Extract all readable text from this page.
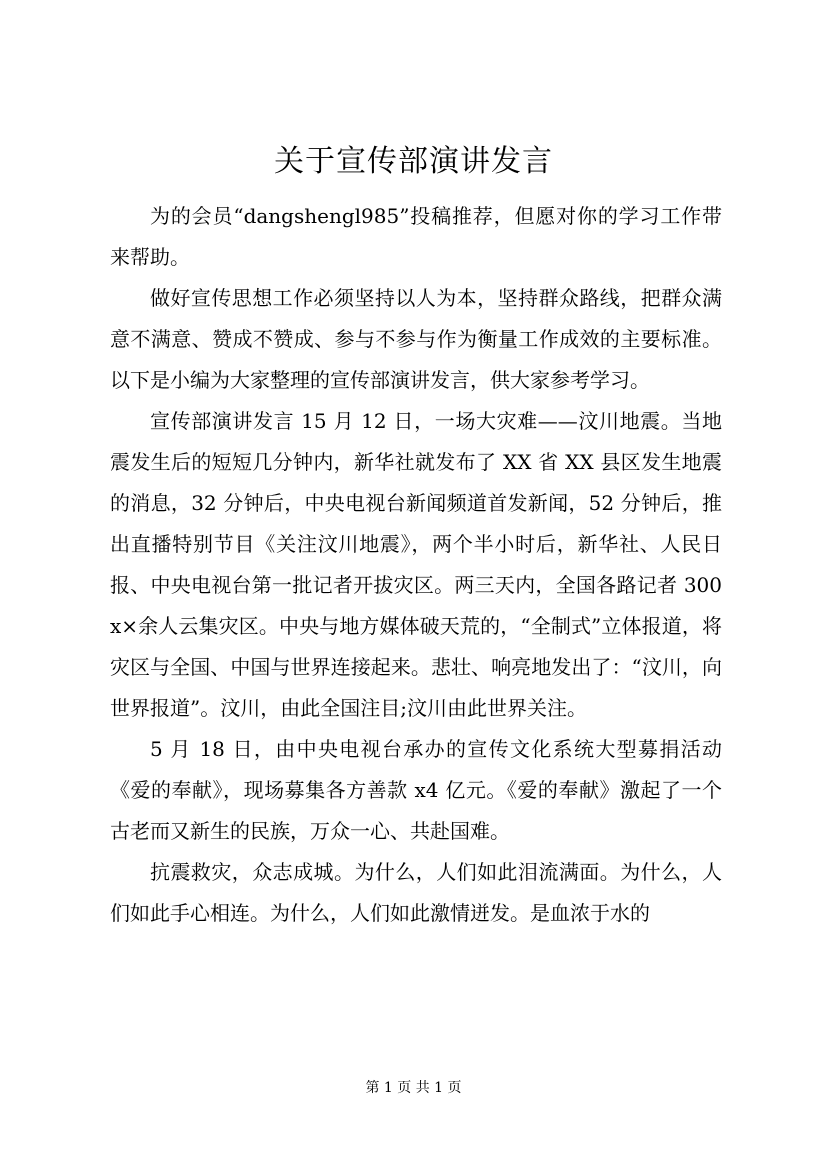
关于宣传部演讲发言

为的会员“dangshengl985”投稿推荐，但愿对你的学习工作带来帮助。

做好宣传思想工作必须坚持以人为本，坚持群众路线，把群众满意不满意、赞成不赞成、参与不参与作为衡量工作成效的主要标准。以下是小编为大家整理的宣传部演讲发言，供大家参考学习。

宣传部演讲发言 15 月 12 日，一场大灾难——汶川地震。当地震发生后的短短几分钟内，新华社就发布了 XX 省 XX 县区发生地震的消息，32 分钟后，中央电视台新闻频道首发新闻，52 分钟后，推出直播特别节目《关注汶川地震》，两个半小时后，新华社、人民日报、中央电视台第一批记者开拔灾区。两三天内，全国各路记者 300x×余人云集灾区。中央与地方媒体破天荒的，“全制式”立体报道，将灾区与全国、中国与世界连接起来。悲壮、响亮地发出了：“汶川，向世界报道”。汶川，由此全国注目;汶川由此世界关注。

5 月 18 日，由中央电视台承办的宣传文化系统大型募捐活动《爱的奉献》，现场募集各方善款 x4 亿元。《爱的奉献》激起了一个古老而又新生的民族，万众一心、共赴国难。

抗震救灾，众志成城。为什么，人们如此泪流满面。为什么，人们如此手心相连。为什么，人们如此激情迸发。是血浓于水的

第 1 页 共 1 页
